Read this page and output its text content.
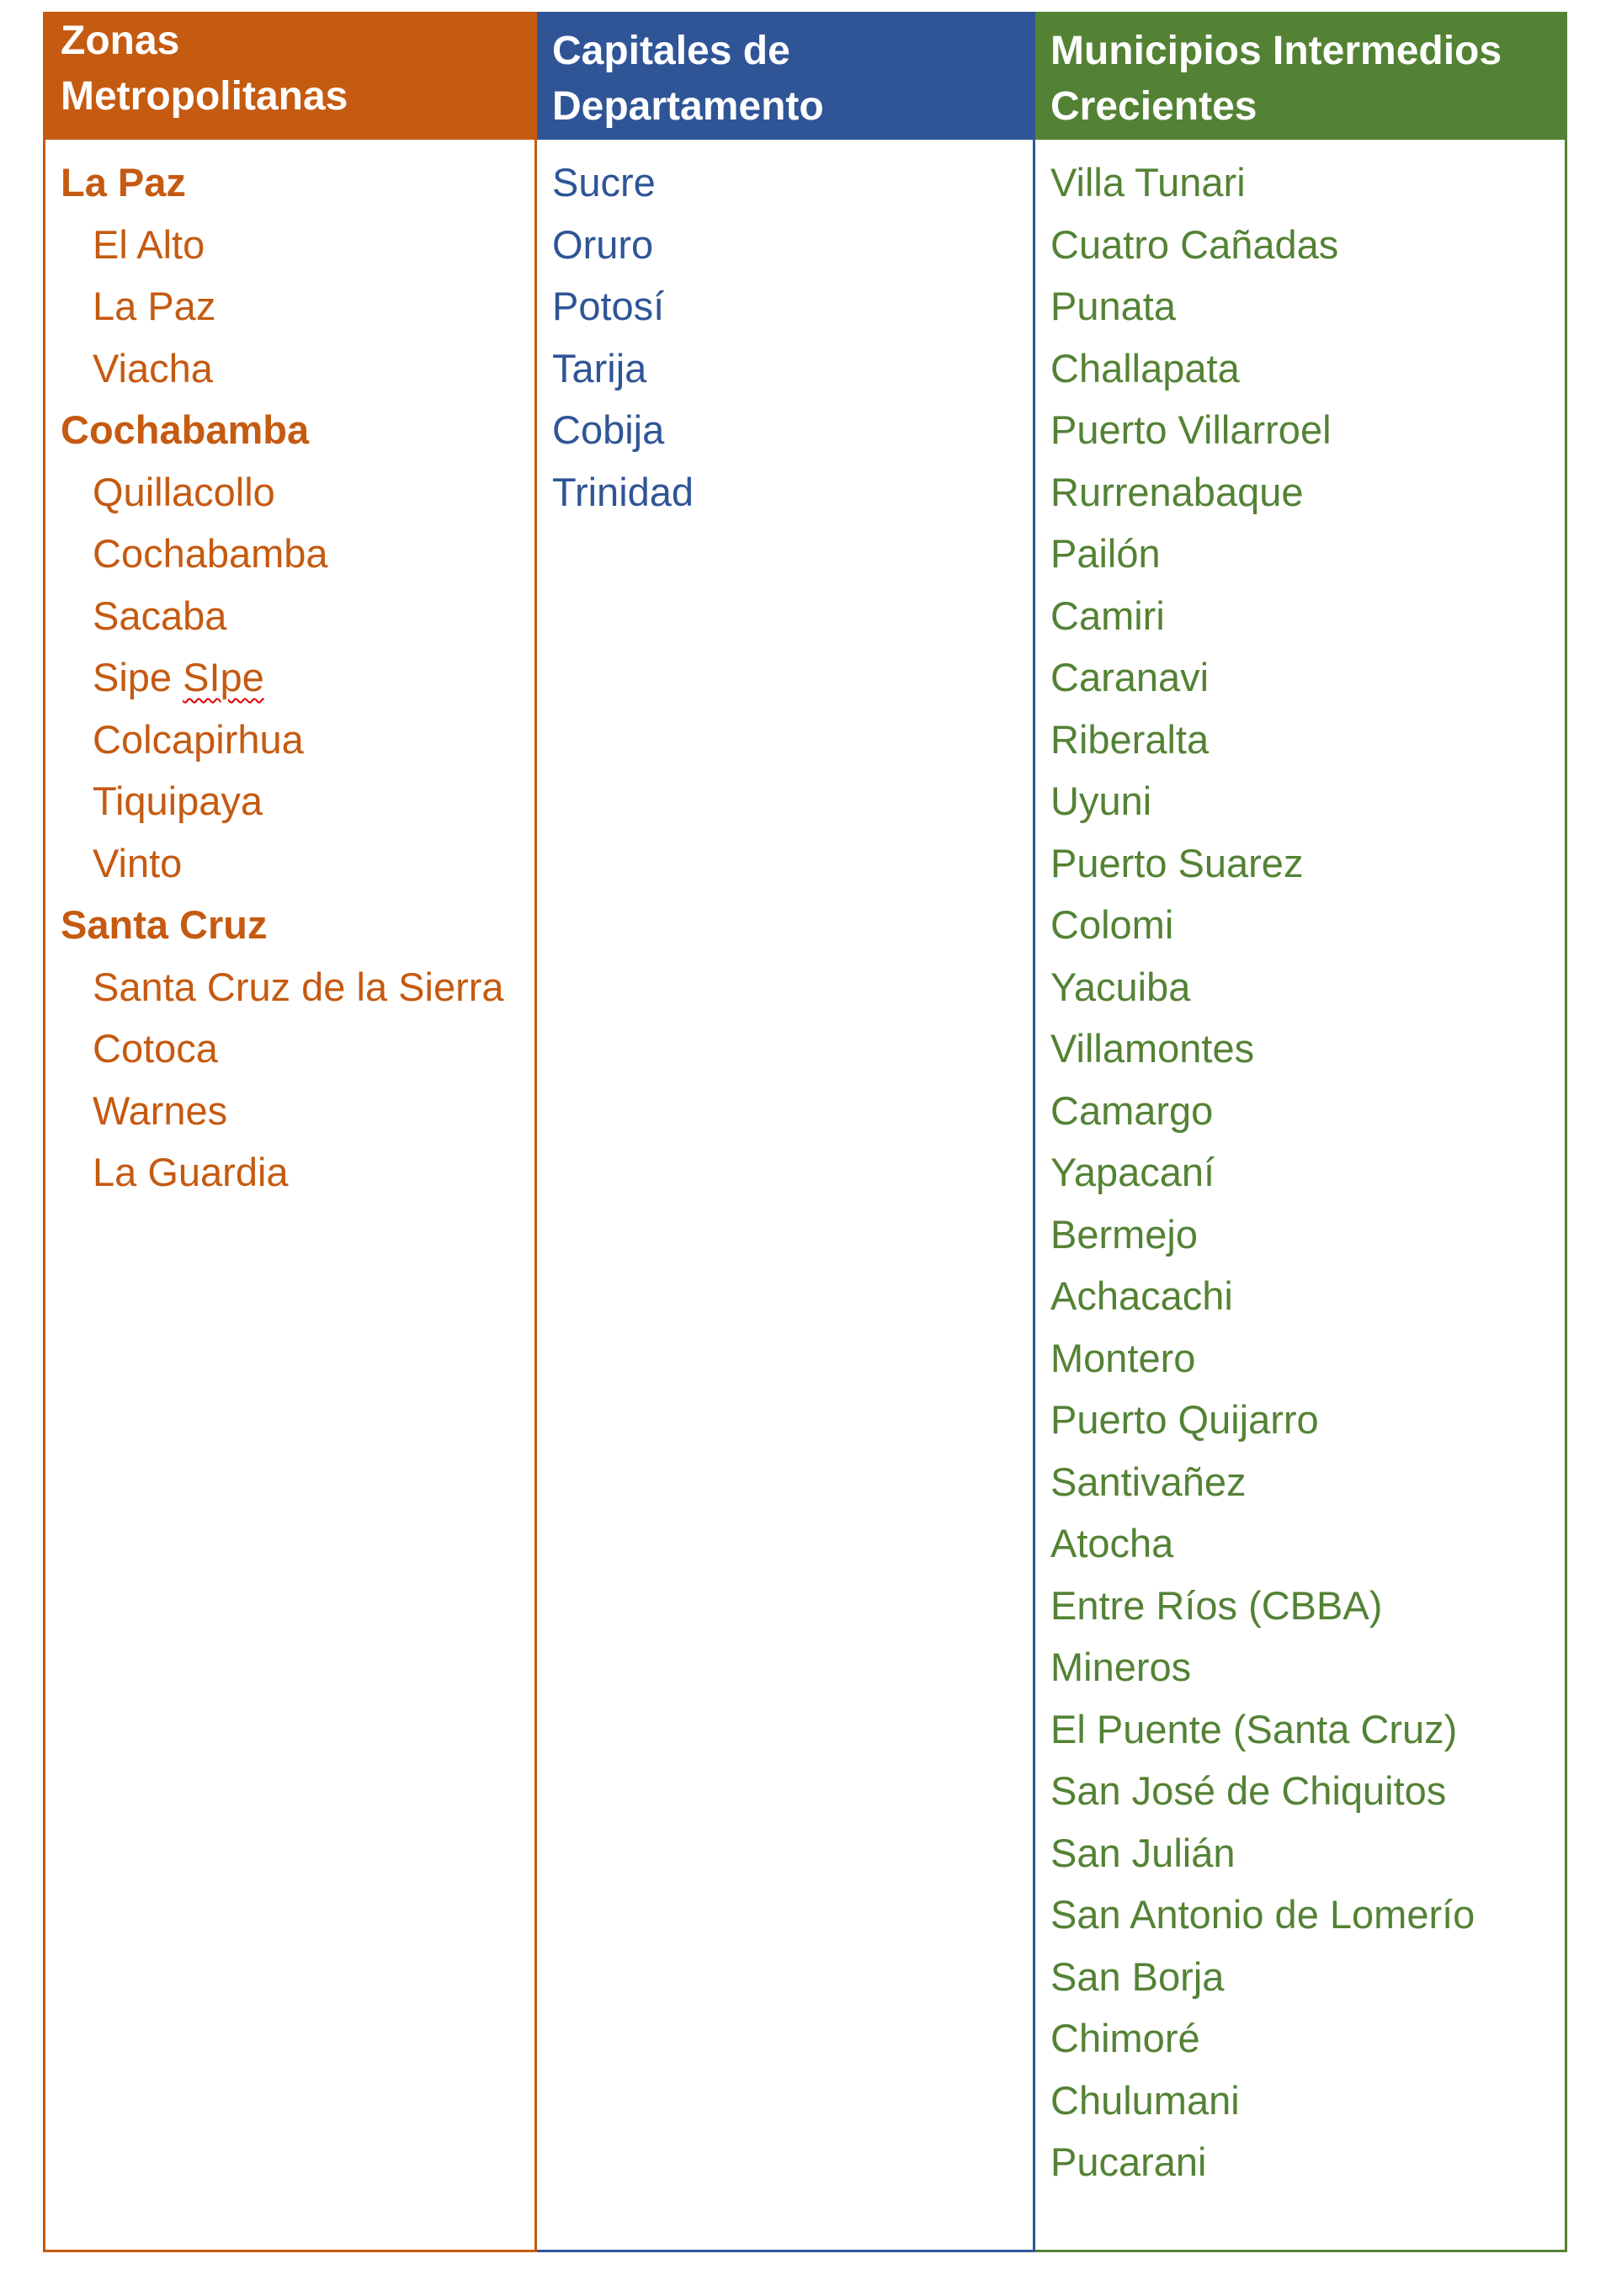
Zonas
Metropolitanas
La Paz
El Alto
La Paz
Viacha
Cochabamba
Quillacollo
Cochabamba
Sacaba
Sipe SIpe
Colcapirhua
Tiquipaya
Vinto
Santa Cruz
Santa Cruz de la Sierra
Cotoca
Warnes
La Guardia
Capitales de
Departamento
Sucre
Oruro
Potosí
Tarija
Cobija
Trinidad
Municipios Intermedios
Crecientes
Villa Tunari
Cuatro Cañadas
Punata
Challapata
Puerto Villarroel
Rurrenabaque
Pailón
Camiri
Caranavi
Riberalta
Uyuni
Puerto Suarez
Colomi
Yacuiba
Villamontes
Camargo
Yapacaní
Bermejo
Achacachi
Montero
Puerto Quijarro
Santivañez
Atocha
Entre Ríos (CBBA)
Mineros
El Puente (Santa Cruz)
San José de Chiquitos
San Julián
San Antonio de Lomerío
San Borja
Chimoré
Chulumani
Pucarani
